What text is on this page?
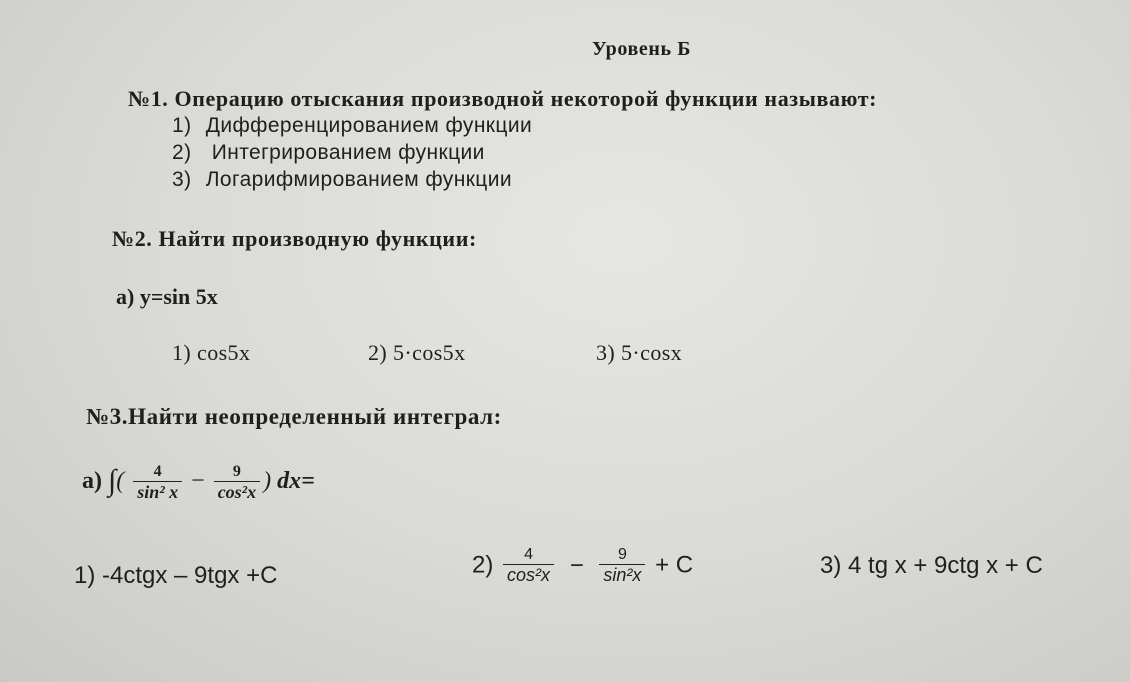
Уровень Б
№1. Операцию отыскания производной некоторой функции называют:
1) Дифференцированием функции
2) Интегрированием функции
3) Логарифмированием функции
№2. Найти производную функции:
а) y=sin 5x
1) cos5x	2) 5·cos5x	3) 5·cosx
№3.Найти неопределенный интеграл:
а) ∫( $\frac{4}{\text{sin² x}} - \frac{9}{\text{cos²x}}$ ) dx=
1) -4ctgx – 9tgx +C	$2) \frac{4}{\text{cos²x}} - \frac{9}{\text{sin²x}} + C$	3) 4 tg x + 9ctg x + C
